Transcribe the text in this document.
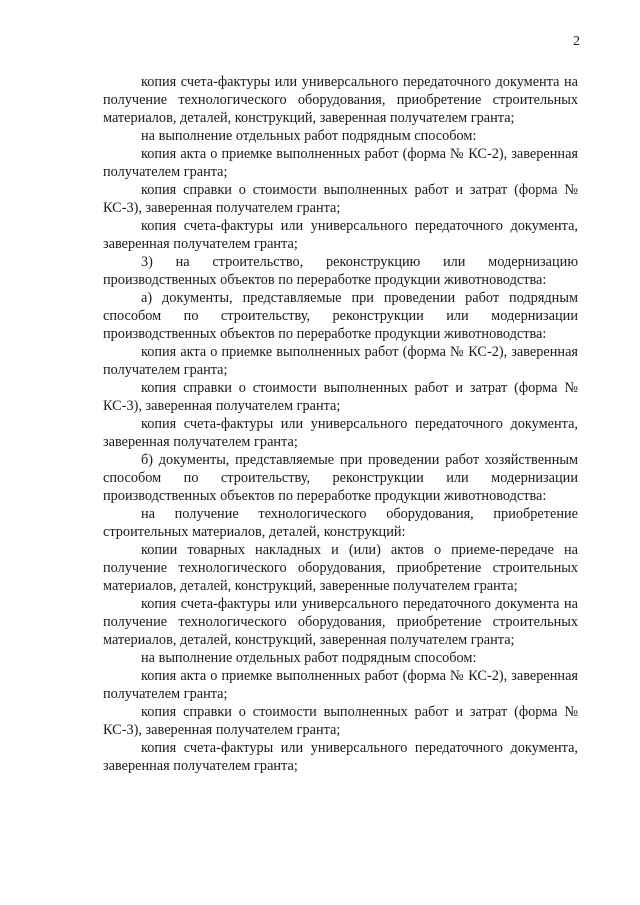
2

копия счета-фактуры или универсального передаточного документа на получение технологического оборудования, приобретение строительных материалов, деталей, конструкций, заверенная получателем гранта;

на выполнение отдельных работ подрядным способом:

копия акта о приемке выполненных работ (форма № КС-2), заверенная получателем гранта;

копия справки о стоимости выполненных работ и затрат (форма № КС-3), заверенная получателем гранта;

копия счета-фактуры или универсального передаточного документа, заверенная получателем гранта;

3) на строительство, реконструкцию или модернизацию производственных объектов по переработке продукции животноводства:

а) документы, представляемые при проведении работ подрядным способом по строительству, реконструкции или модернизации производственных объектов по переработке продукции животноводства:

копия акта о приемке выполненных работ (форма № КС-2), заверенная получателем гранта;

копия справки о стоимости выполненных работ и затрат (форма № КС-3), заверенная получателем гранта;

копия счета-фактуры или универсального передаточного документа, заверенная получателем гранта;

б) документы, представляемые при проведении работ хозяйственным способом по строительству, реконструкции или модернизации производственных объектов по переработке продукции животноводства:

на получение технологического оборудования, приобретение строительных материалов, деталей, конструкций:

копии товарных накладных и (или) актов о приеме-передаче на получение технологического оборудования, приобретение строительных материалов, деталей, конструкций, заверенные получателем гранта;

копия счета-фактуры или универсального передаточного документа на получение технологического оборудования, приобретение строительных материалов, деталей, конструкций, заверенная получателем гранта;

на выполнение отдельных работ подрядным способом:

копия акта о приемке выполненных работ (форма № КС-2), заверенная получателем гранта;

копия справки о стоимости выполненных работ и затрат (форма № КС-3), заверенная получателем гранта;

копия счета-фактуры или универсального передаточного документа, заверенная получателем гранта;
